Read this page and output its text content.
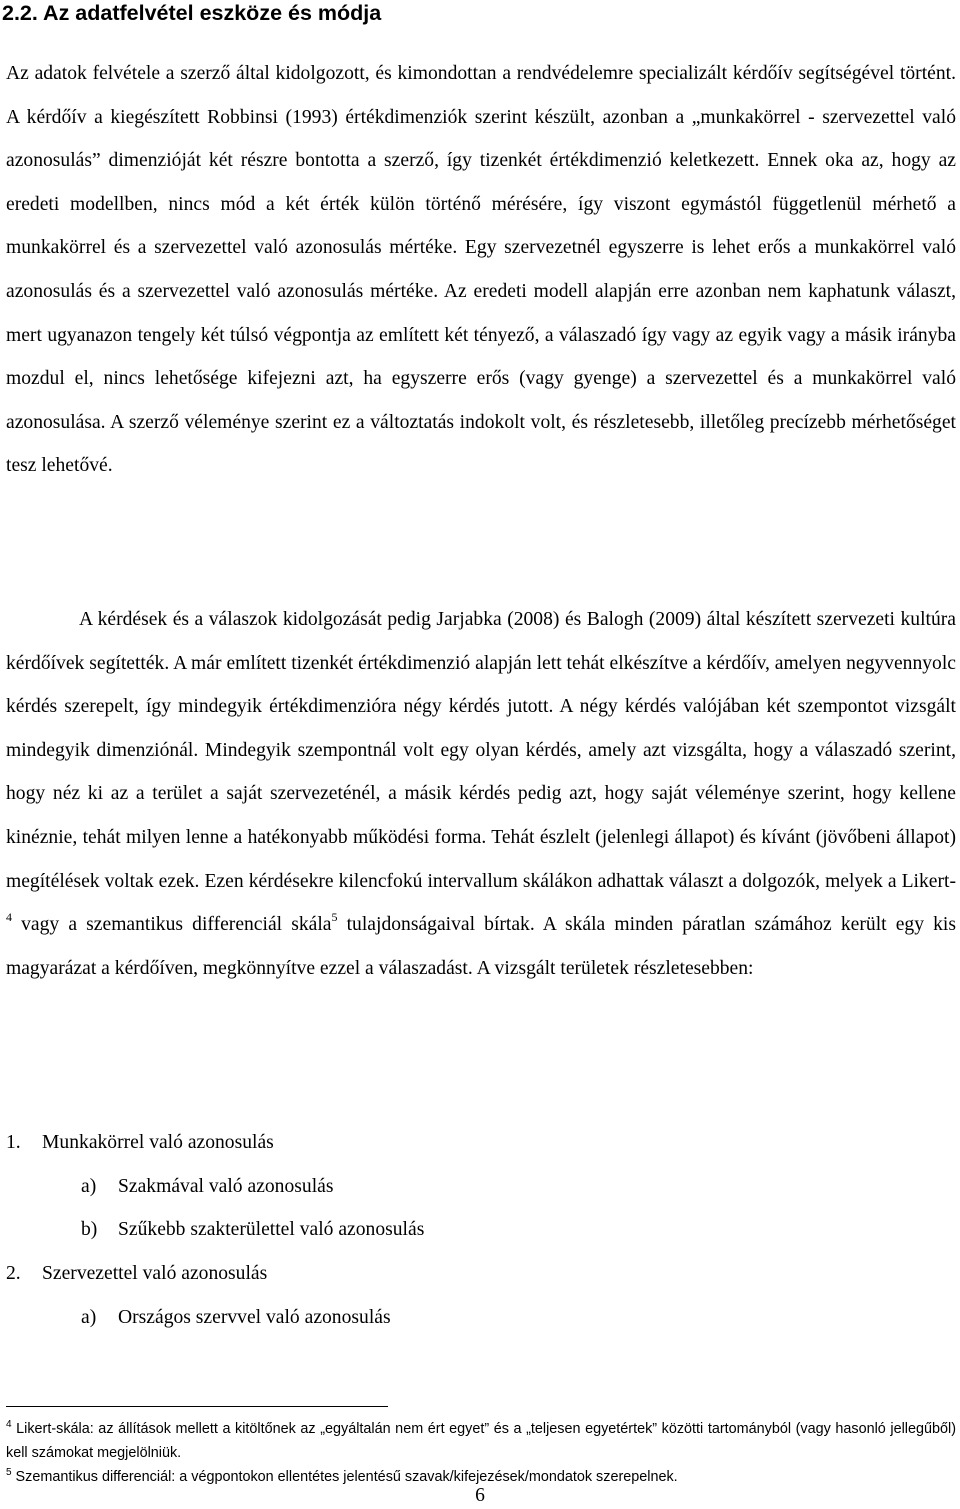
2.2. Az adatfelvétel eszköze és módja

Az adatok felvétele a szerző által kidolgozott, és kimondottan a rendvédelemre specializált kérdőív segítségével történt. A kérdőív a kiegészített Robbinsi (1993) értékdimenziók szerint készült, azonban a „munkakörrel - szervezettel való azonosulás” dimenzióját két részre bontotta a szerző, így tizenkét értékdimenzió keletkezett. Ennek oka az, hogy az eredeti modellben, nincs mód a két érték külön történő mérésére, így viszont egymástól függetlenül mérhető a munkakörrel és a szervezettel való azonosulás mértéke. Egy szervezetnél egyszerre is lehet erős a munkakörrel való azonosulás és a szervezettel való azonosulás mértéke. Az eredeti modell alapján erre azonban nem kaphatunk választ, mert ugyanazon tengely két túlsó végpontja az említett két tényező, a válaszadó így vagy az egyik vagy a másik irányba mozdul el, nincs lehetősége kifejezni azt, ha egyszerre erős (vagy gyenge) a szervezettel és a munkakörrel való azonosulása. A szerző véleménye szerint ez a változtatás indokolt volt, és részletesebb, illetőleg precízebb mérhetőséget tesz lehetővé.

A kérdések és a válaszok kidolgozását pedig Jarjabka (2008) és Balogh (2009) által készített szervezeti kultúra kérdőívek segítették. A már említett tizenkét értékdimenzió alapján lett tehát elkészítve a kérdőív, amelyen negyvennyolc kérdés szerepelt, így mindegyik értékdimenzióra négy kérdés jutott. A négy kérdés valójában két szempontot vizsgált mindegyik dimenziónál. Mindegyik szempontnál volt egy olyan kérdés, amely azt vizsgálta, hogy a válaszadó szerint, hogy néz ki az a terület a saját szervezeténél, a másik kérdés pedig azt, hogy saját véleménye szerint, hogy kellene kinéznie, tehát milyen lenne a hatékonyabb működési forma. Tehát észlelt (jelenlegi állapot) és kívánt (jövőbeni állapot) megítélések voltak ezek. Ezen kérdésekre kilencfokú intervallum skálákon adhattak választ a dolgozók, melyek a Likert-$^4$ vagy a szemantikus differenciál skála$^5$ tulajdonságaival bírtak. A skála minden páratlan számához került egy kis magyarázat a kérdőíven, megkönnyítve ezzel a válaszadást. A vizsgált területek részletesebben:

1. Munkakörrel való azonosulás
a) Szakmával való azonosulás
b) Szűkebb szakterülettel való azonosulás
2. Szervezettel való azonosulás
a) Országos szervvel való azonosulás

$^4$ Likert-skála: az állítások mellett a kitöltőnek az „egyáltalán nem ért egyet” és a „teljesen egyetértek” közötti tartományból (vagy hasonló jellegűből) kell számokat megjelölniük.

$^5$ Szemantikus differenciál: a végpontokon ellentétes jelentésű szavak/kifejezések/mondatok szerepelnek.

6
